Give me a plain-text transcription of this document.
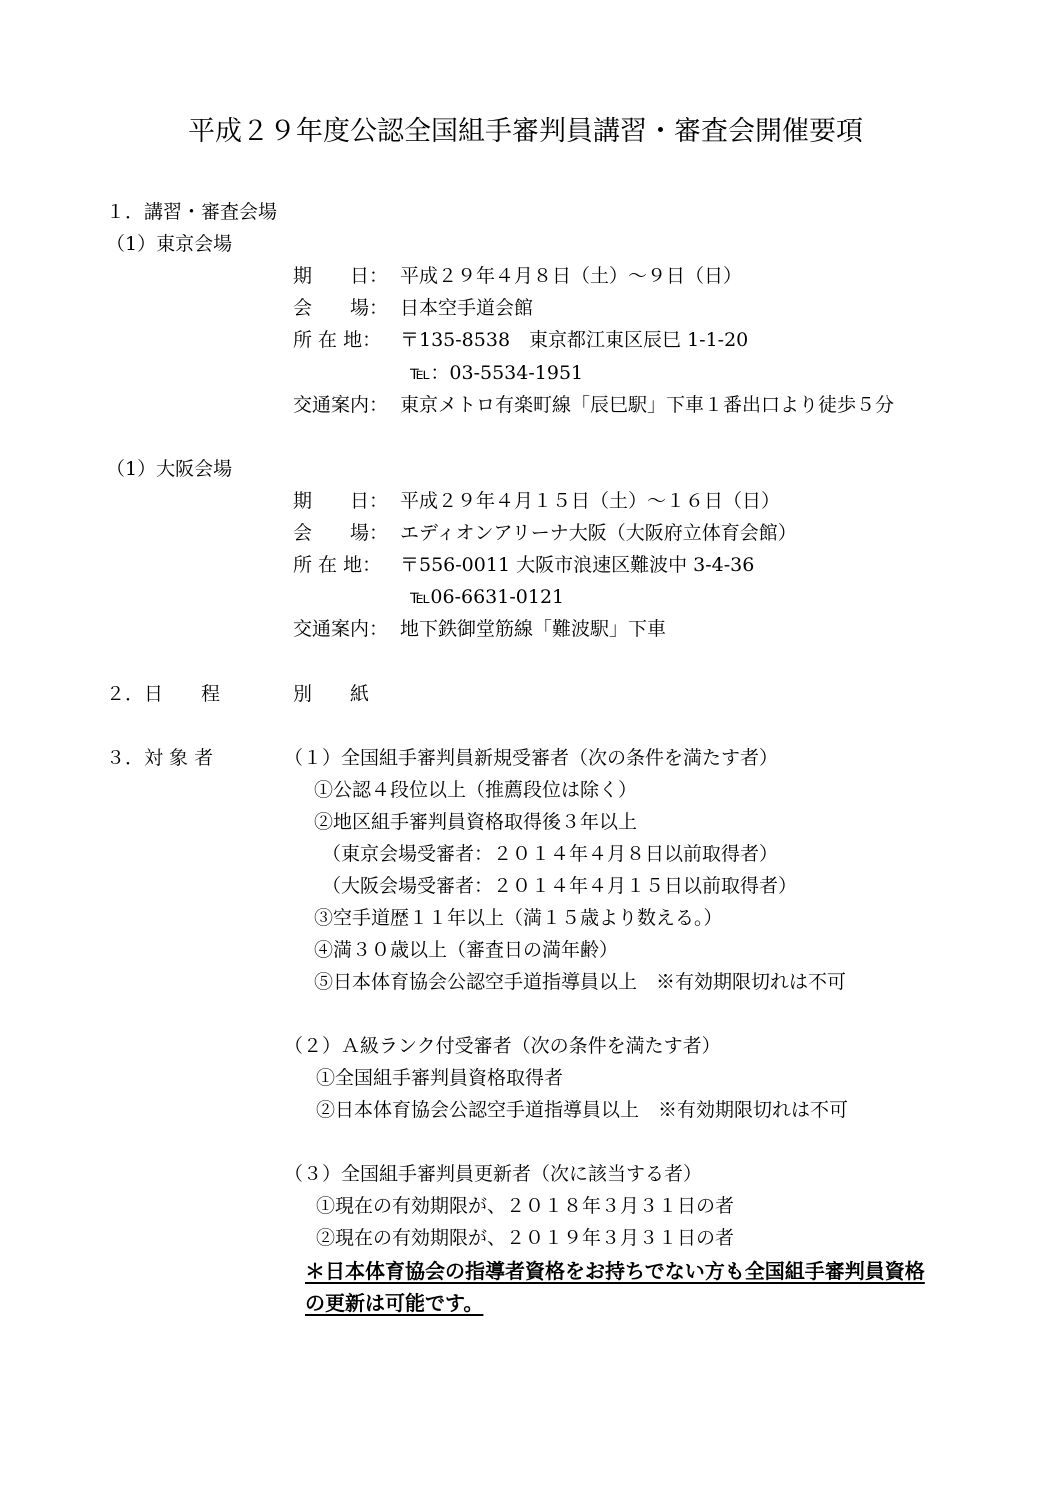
平成２９年度公認全国組手審判員講習・審査会開催要項
１．講習・審査会場
（1）東京会場
期　　日： 平成２９年４月８日（土）～９日（日）
会　　場： 日本空手道会館
所 在 地： 〒135-8538　東京都江東区辰巳 1-1-20
℡：03-5534-1951
交通案内： 東京メトロ有楽町線「辰巳駅」下車１番出口より徒歩５分
（1）大阪会場
期　　日： 平成２９年４月１５日（土）～１６日（日）
会　　場： エディオンアリーナ大阪（大阪府立体育会館）
所 在 地： 〒556-0011 大阪市浪速区難波中 3-4-36
℡06-6631-0121
交通案内： 地下鉄御堂筋線「難波駅」下車
２．日　　程	別　　紙
３．対 象 者	（１）全国組手審判員新規受審者（次の条件を満たす者）
①公認４段位以上（推薦段位は除く）
②地区組手審判員資格取得後３年以上
（東京会場受審者：２０１４年４月８日以前取得者）
（大阪会場受審者：２０１４年４月１５日以前取得者）
③空手道歴１１年以上（満１５歳より数える。）
④満３０歳以上（審査日の満年齢）
⑤日本体育協会公認空手道指導員以上　※有効期限切れは不可
（２）Ａ級ランク付受審者（次の条件を満たす者）
①全国組手審判員資格取得者
②日本体育協会公認空手道指導員以上　※有効期限切れは不可
（３）全国組手審判員更新者（次に該当する者）
①現在の有効期限が、２０１８年３月３１日の者
②現在の有効期限が、２０１９年３月３１日の者
＊日本体育協会の指導者資格をお持ちでない方も全国組手審判員資格
の更新は可能です。
